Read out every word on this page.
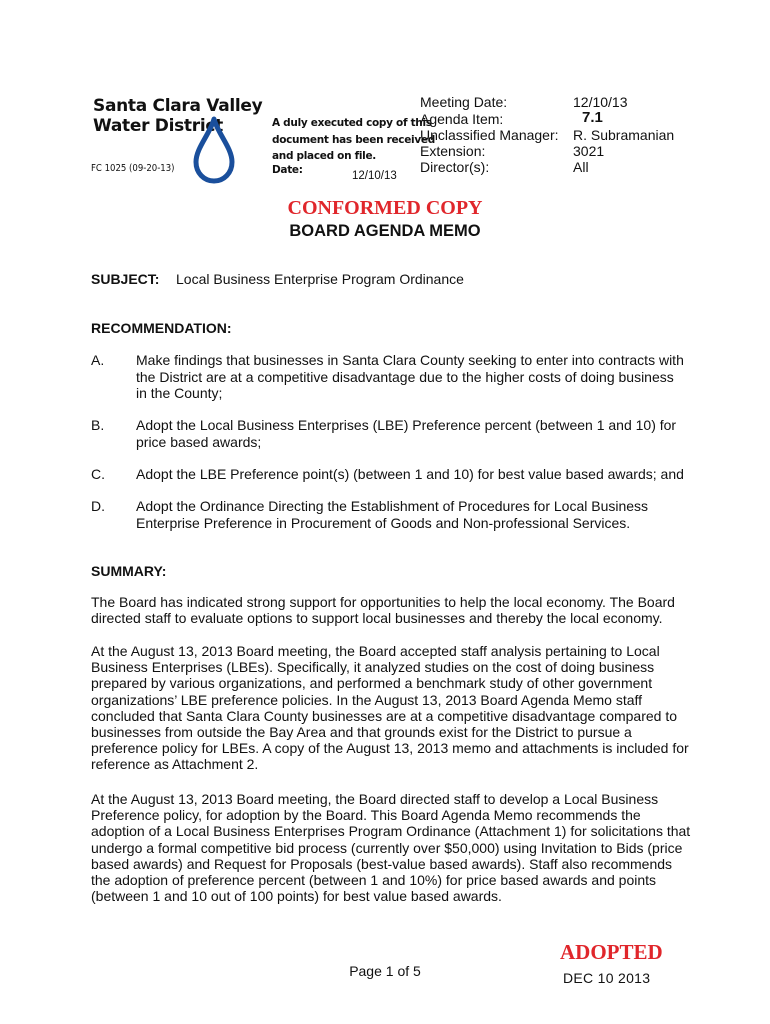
Santa Clara Valley
Water District
FC 1025 (09-20-13)
A duly executed copy of this
document has been received
and placed on file.
Date:	12/10/13
Meeting Date:
Agenda Item:
Unclassified Manager:
Extension:
Director(s):
12/10/13
7.1
R. Subramanian
3021
All
CONFORMED COPY
BOARD AGENDA MEMO
SUBJECT: Local Business Enterprise Program Ordinance
RECOMMENDATION:
A. Make findings that businesses in Santa Clara County seeking to enter into contracts with the District are at a competitive disadvantage due to the higher costs of doing business in the County;
B. Adopt the Local Business Enterprises (LBE) Preference percent (between 1 and 10) for price based awards;
C. Adopt the LBE Preference point(s) (between 1 and 10) for best value based awards; and
D. Adopt the Ordinance Directing the Establishment of Procedures for Local Business Enterprise Preference in Procurement of Goods and Non-professional Services.
SUMMARY:
The Board has indicated strong support for opportunities to help the local economy. The Board directed staff to evaluate options to support local businesses and thereby the local economy.
At the August 13, 2013 Board meeting, the Board accepted staff analysis pertaining to Local Business Enterprises (LBEs). Specifically, it analyzed studies on the cost of doing business prepared by various organizations, and performed a benchmark study of other government organizations’ LBE preference policies. In the August 13, 2013 Board Agenda Memo staff concluded that Santa Clara County businesses are at a competitive disadvantage compared to businesses from outside the Bay Area and that grounds exist for the District to pursue a preference policy for LBEs. A copy of the August 13, 2013 memo and attachments is included for reference as Attachment 2.
At the August 13, 2013 Board meeting, the Board directed staff to develop a Local Business Preference policy, for adoption by the Board. This Board Agenda Memo recommends the adoption of a Local Business Enterprises Program Ordinance (Attachment 1) for solicitations that undergo a formal competitive bid process (currently over $50,000) using Invitation to Bids (price based awards) and Request for Proposals (best-value based awards). Staff also recommends the adoption of preference percent (between 1 and 10%) for price based awards and points (between 1 and 10 out of 100 points) for best value based awards.
Page 1 of 5
ADOPTED
DEC 10 2013
